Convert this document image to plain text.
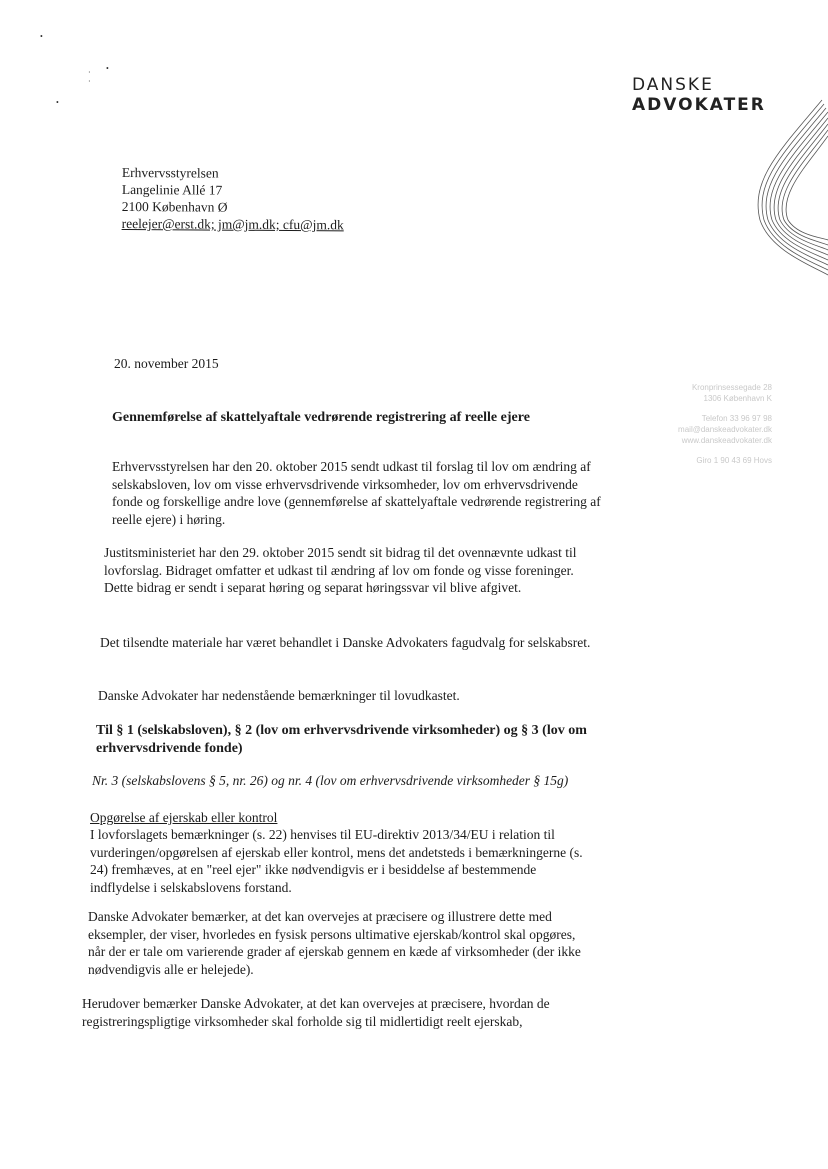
•
· ·
•
•
DANSKE
ADVOKATER
Erhvervsstyrelsen
Langelinie Allé 17
2100 København Ø
reelejer@erst.dk; jm@jm.dk; cfu@jm.dk
Kronprinsessegade 28
1306 København K
Telefon 33 96 97 98
mail@danskeadvokater.dk
www.danskeadvokater.dk
Giro 1 90 43 69 Hovs
20. november 2015
Gennemførelse af skattelyaftale vedrørende registrering af reelle ejere
Erhvervsstyrelsen har den 20. oktober 2015 sendt udkast til forslag til lov om ændring af selskabsloven, lov om visse erhvervsdrivende virksomheder, lov om erhvervsdrivende fonde og forskellige andre love (gennemførelse af skattelyaftale vedrørende registrering af reelle ejere) i høring.
Justitsministeriet har den 29. oktober 2015 sendt sit bidrag til det ovennævnte udkast til lovforslag. Bidraget omfatter et udkast til ændring af lov om fonde og visse foreninger. Dette bidrag er sendt i separat høring og separat høringssvar vil blive afgivet.
Det tilsendte materiale har været behandlet i Danske Advokaters fagudvalg for selskabsret.
Danske Advokater har nedenstående bemærkninger til lovudkastet.
Til § 1 (selskabsloven), § 2 (lov om erhvervsdrivende virksomheder) og § 3 (lov om erhvervsdrivende fonde)
Nr. 3 (selskabslovens § 5, nr. 26) og nr. 4 (lov om erhvervsdrivende virksomheder § 15g)
Opgørelse af ejerskab eller kontrol
I lovforslagets bemærkninger (s. 22) henvises til EU-direktiv 2013/34/EU i relation til vurderingen/opgørelsen af ejerskab eller kontrol, mens det andetsteds i bemærkningerne (s. 24) fremhæves, at en "reel ejer" ikke nødvendigvis er i besiddelse af bestemmende indflydelse i selskabslovens forstand.
Danske Advokater bemærker, at det kan overvejes at præcisere og illustrere dette med eksempler, der viser, hvorledes en fysisk persons ultimative ejerskab/kontrol skal opgøres, når der er tale om varierende grader af ejerskab gennem en kæde af virksomheder (der ikke nødvendigvis alle er helejede).
Herudover bemærker Danske Advokater, at det kan overvejes at præcisere, hvordan de registreringspligtige virksomheder skal forholde sig til midlertidigt reelt ejerskab,
